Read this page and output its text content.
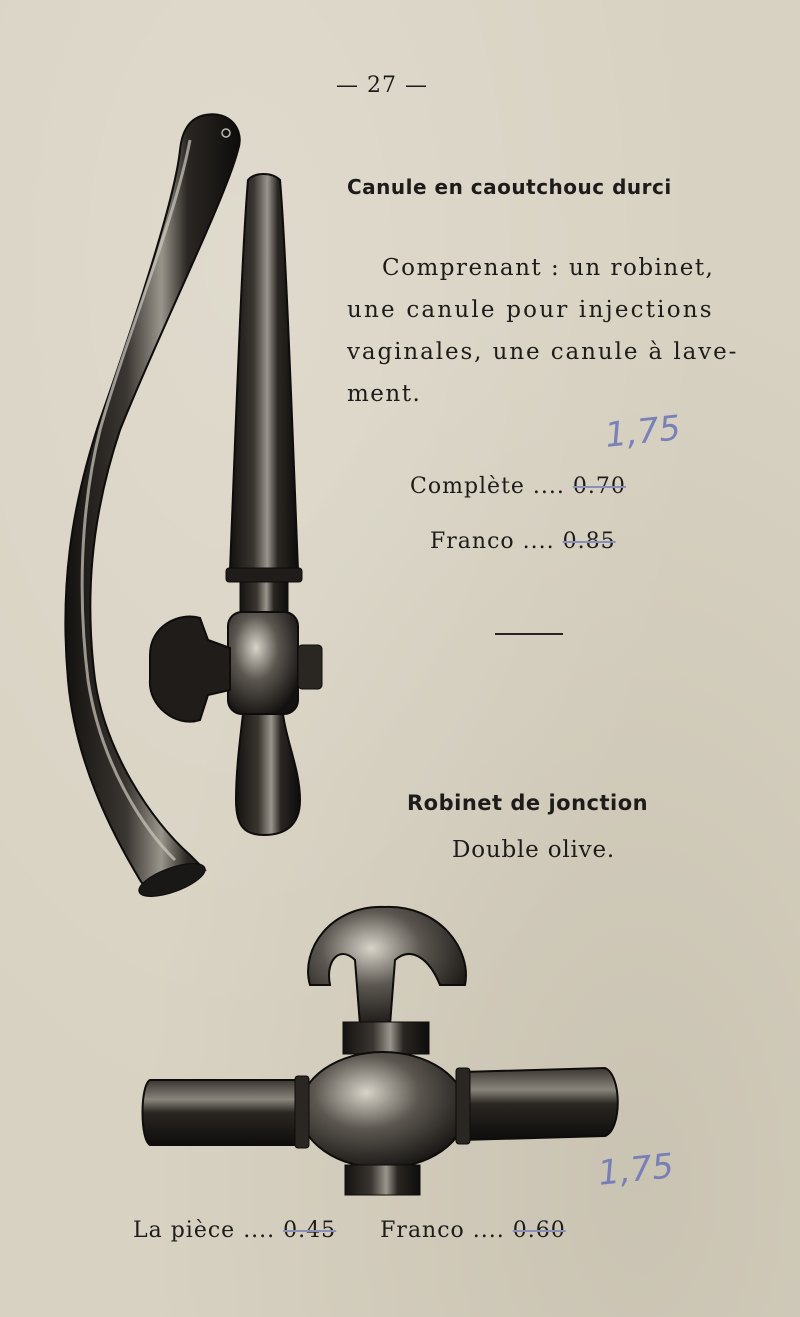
— 27 —
Canule en caoutchouc durci
Comprenant : un robinet,
une canule pour injections
vaginales, une canule à lave-
ment.
1,75
Complète .... 0.70
Franco .... 0.85
Robinet de jonction
Double olive.
1,75
La pièce .... 0.45 Franco .... 0.60
